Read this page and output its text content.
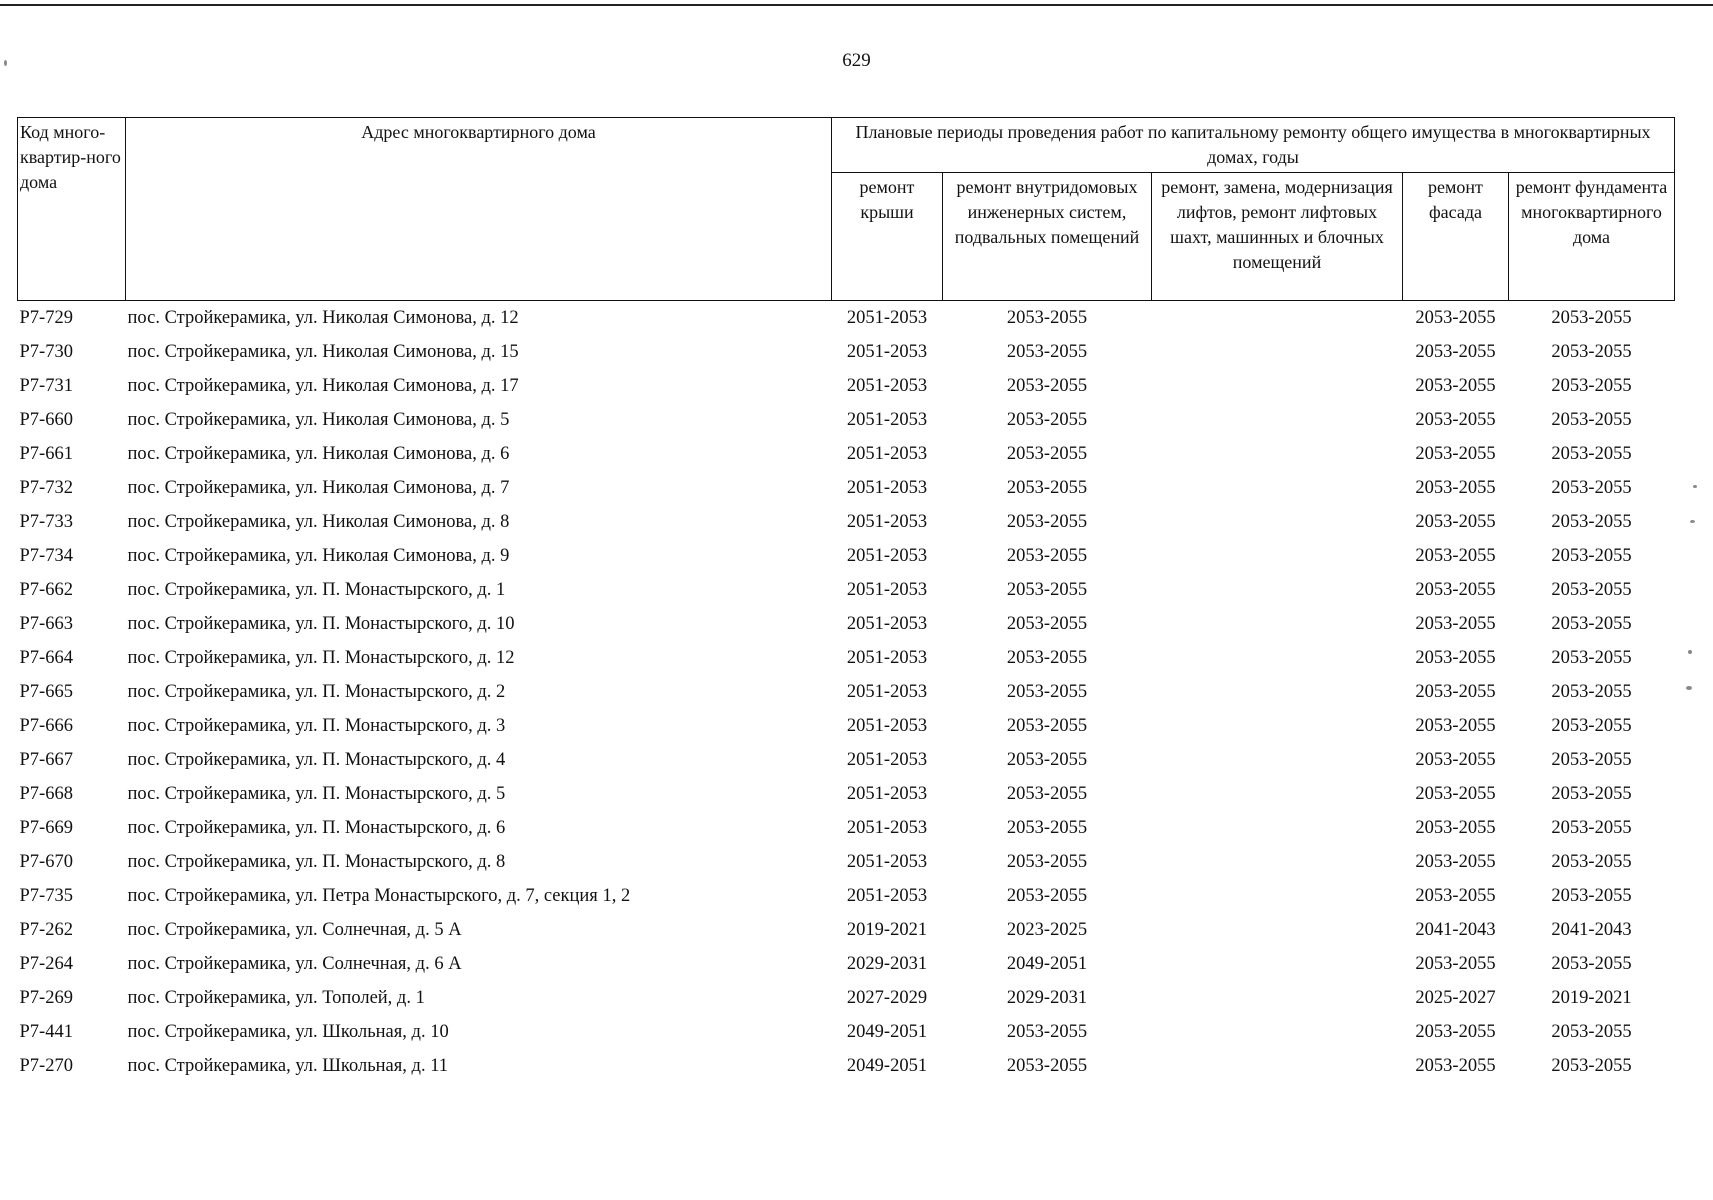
629
Код много-квартир-ного дома	Адрес многоквартирного дома	Плановые периоды проведения работ по капитальному ремонту общего имущества в многоквартирных домах, годы				
		ремонт крыши	ремонт внутридомовых инженерных систем, подвальных помещений	ремонт, замена, модернизация лифтов, ремонт лифтовых шахт, машинных и блочных помещений	ремонт фасада	ремонт фундамента многоквартирного дома
Р7-729	пос. Стройкерамика, ул. Николая Симонова, д. 12	2051-2053	2053-2055		2053-2055	2053-2055
Р7-730	пос. Стройкерамика, ул. Николая Симонова, д. 15	2051-2053	2053-2055		2053-2055	2053-2055
Р7-731	пос. Стройкерамика, ул. Николая Симонова, д. 17	2051-2053	2053-2055		2053-2055	2053-2055
Р7-660	пос. Стройкерамика, ул. Николая Симонова, д. 5	2051-2053	2053-2055		2053-2055	2053-2055
Р7-661	пос. Стройкерамика, ул. Николая Симонова, д. 6	2051-2053	2053-2055		2053-2055	2053-2055
Р7-732	пос. Стройкерамика, ул. Николая Симонова, д. 7	2051-2053	2053-2055		2053-2055	2053-2055
Р7-733	пос. Стройкерамика, ул. Николая Симонова, д. 8	2051-2053	2053-2055		2053-2055	2053-2055
Р7-734	пос. Стройкерамика, ул. Николая Симонова, д. 9	2051-2053	2053-2055		2053-2055	2053-2055
Р7-662	пос. Стройкерамика, ул. П. Монастырского, д. 1	2051-2053	2053-2055		2053-2055	2053-2055
Р7-663	пос. Стройкерамика, ул. П. Монастырского, д. 10	2051-2053	2053-2055		2053-2055	2053-2055
Р7-664	пос. Стройкерамика, ул. П. Монастырского, д. 12	2051-2053	2053-2055		2053-2055	2053-2055
Р7-665	пос. Стройкерамика, ул. П. Монастырского, д. 2	2051-2053	2053-2055		2053-2055	2053-2055
Р7-666	пос. Стройкерамика, ул. П. Монастырского, д. 3	2051-2053	2053-2055		2053-2055	2053-2055
Р7-667	пос. Стройкерамика, ул. П. Монастырского, д. 4	2051-2053	2053-2055		2053-2055	2053-2055
Р7-668	пос. Стройкерамика, ул. П. Монастырского, д. 5	2051-2053	2053-2055		2053-2055	2053-2055
Р7-669	пос. Стройкерамика, ул. П. Монастырского, д. 6	2051-2053	2053-2055		2053-2055	2053-2055
Р7-670	пос. Стройкерамика, ул. П. Монастырского, д. 8	2051-2053	2053-2055		2053-2055	2053-2055
Р7-735	пос. Стройкерамика, ул. Петра Монастырского, д. 7, секция 1, 2	2051-2053	2053-2055		2053-2055	2053-2055
Р7-262	пос. Стройкерамика, ул. Солнечная, д. 5 А	2019-2021	2023-2025		2041-2043	2041-2043
Р7-264	пос. Стройкерамика, ул. Солнечная, д. 6 А	2029-2031	2049-2051		2053-2055	2053-2055
Р7-269	пос. Стройкерамика, ул. Тополей, д. 1	2027-2029	2029-2031		2025-2027	2019-2021
Р7-441	пос. Стройкерамика, ул. Школьная, д. 10	2049-2051	2053-2055		2053-2055	2053-2055
Р7-270	пос. Стройкерамика, ул. Школьная, д. 11	2049-2051	2053-2055		2053-2055	2053-2055
